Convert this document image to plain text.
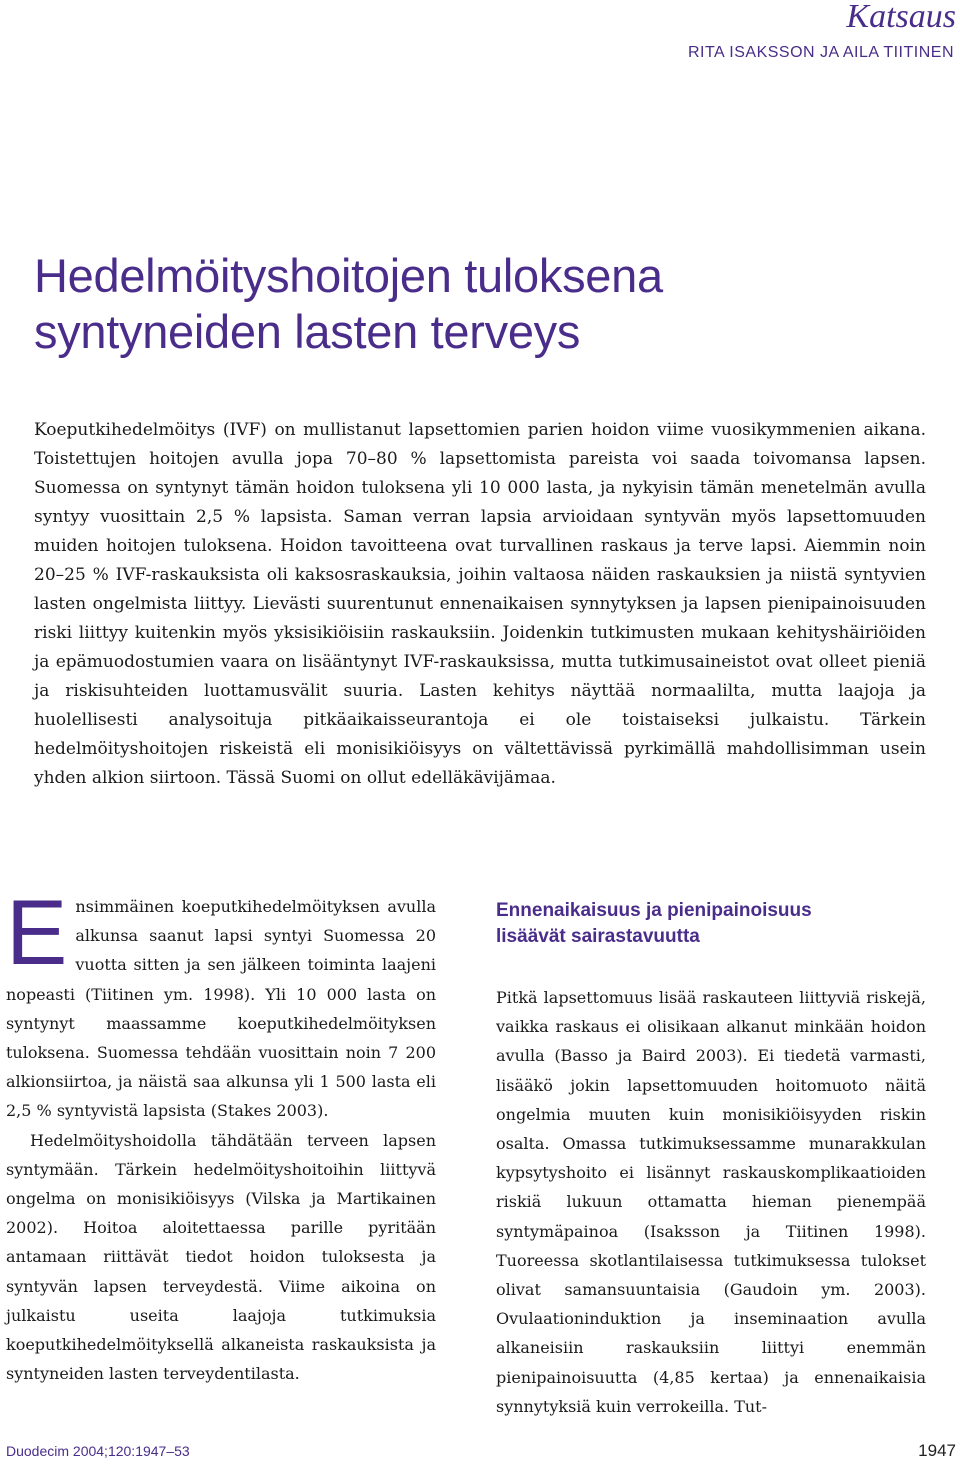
Katsaus
RITA ISAKSSON JA AILA TIITINEN
Hedelmöityshoitojen tuloksena
syntyneiden lasten terveys

Koeputkihedelmöitys (IVF) on mullistanut lapsettomien parien hoidon viime vuosikymmenien aikana. Toistettujen hoitojen avulla jopa 70–80 % lapsettomista pareista voi saada toivomansa lapsen. Suomessa on syntynyt tämän hoidon tuloksena yli 10 000 lasta, ja nykyisin tämän menetelmän avulla syntyy vuosittain 2,5 % lapsista. Saman verran lapsia arvioidaan syntyvän myös lapsettomuuden muiden hoitojen tuloksena. Hoidon tavoitteena ovat turvallinen raskaus ja terve lapsi. Aiemmin noin 20–25 % IVF-raskauksista oli kaksosraskauksia, joihin valtaosa näiden raskauksien ja niistä syntyvien lasten ongelmista liittyy. Lievästi suurentunut ennenaikaisen synnytyksen ja lapsen pienipainoisuuden riski liittyy kuitenkin myös yksisikiöisiin raskauksiin. Joidenkin tutkimusten mukaan kehityshäiriöiden ja epämuodostumien vaara on lisääntynyt IVF-raskauksissa, mutta tutkimusaineistot ovat olleet pieniä ja riskisuhteiden luottamusvälit suuria. Lasten kehitys näyttää normaalilta, mutta laajoja ja huolellisesti analysoituja pitkäaikaisseurantoja ei ole toistaiseksi julkaistu. Tärkein hedelmöityshoitojen riskeistä eli monisikiöisyys on vältettävissä pyrkimällä mahdollisimman usein yhden alkion siirtoon. Tässä Suomi on ollut edelläkävijämaa.

Ensimmäinen koeputkihedelmöityksen avulla alkunsa saanut lapsi syntyi Suomessa 20 vuotta sitten ja sen jälkeen toiminta laajeni nopeasti (Tiitinen ym. 1998). Yli 10 000 lasta on syntynyt maassamme koeputkihedelmöityksen tuloksena. Suomessa tehdään vuosittain noin 7 200 alkionsiirtoa, ja näistä saa alkunsa yli 1 500 lasta eli 2,5 % syntyvistä lapsista (Stakes 2003).

Hedelmöityshoidolla tähdätään terveen lapsen syntymään. Tärkein hedelmöityshoitoihin liittyvä ongelma on monisikiöisyys (Vilska ja Martikainen 2002). Hoitoa aloitettaessa parille pyritään antamaan riittävät tiedot hoidon tuloksesta ja syntyvän lapsen terveydestä. Viime aikoina on julkaistu useita laajoja tutkimuksia koeputkihedelmöityksellä alkaneista raskauksista ja syntyneiden lasten terveydentilasta.

Ennenaikaisuus ja pienipainoisuus
lisäävät sairastavuutta

Pitkä lapsettomuus lisää raskauteen liittyviä riskejä, vaikka raskaus ei olisikaan alkanut minkään hoidon avulla (Basso ja Baird 2003). Ei tiedetä varmasti, lisääkö jokin lapsettomuuden hoitomuoto näitä ongelmia muuten kuin monisikiöisyyden riskin osalta. Omassa tutkimuksessamme munarakkulan kypsytyshoito ei lisännyt raskauskomplikaatioiden riskiä lukuun ottamatta hieman pienempää syntymäpainoa (Isaksson ja Tiitinen 1998). Tuoreessa skotlantilaisessa tutkimuksessa tulokset olivat samansuuntaisia (Gaudoin ym. 2003). Ovulaationinduktion ja inseminaation avulla alkaneisiin raskauksiin liittyi enemmän pienipainoisuutta (4,85 kertaa) ja ennenaikaisia synnytyksiä kuin verrokeilla. Tut-

Duodecim 2004;120:1947–53	1947
